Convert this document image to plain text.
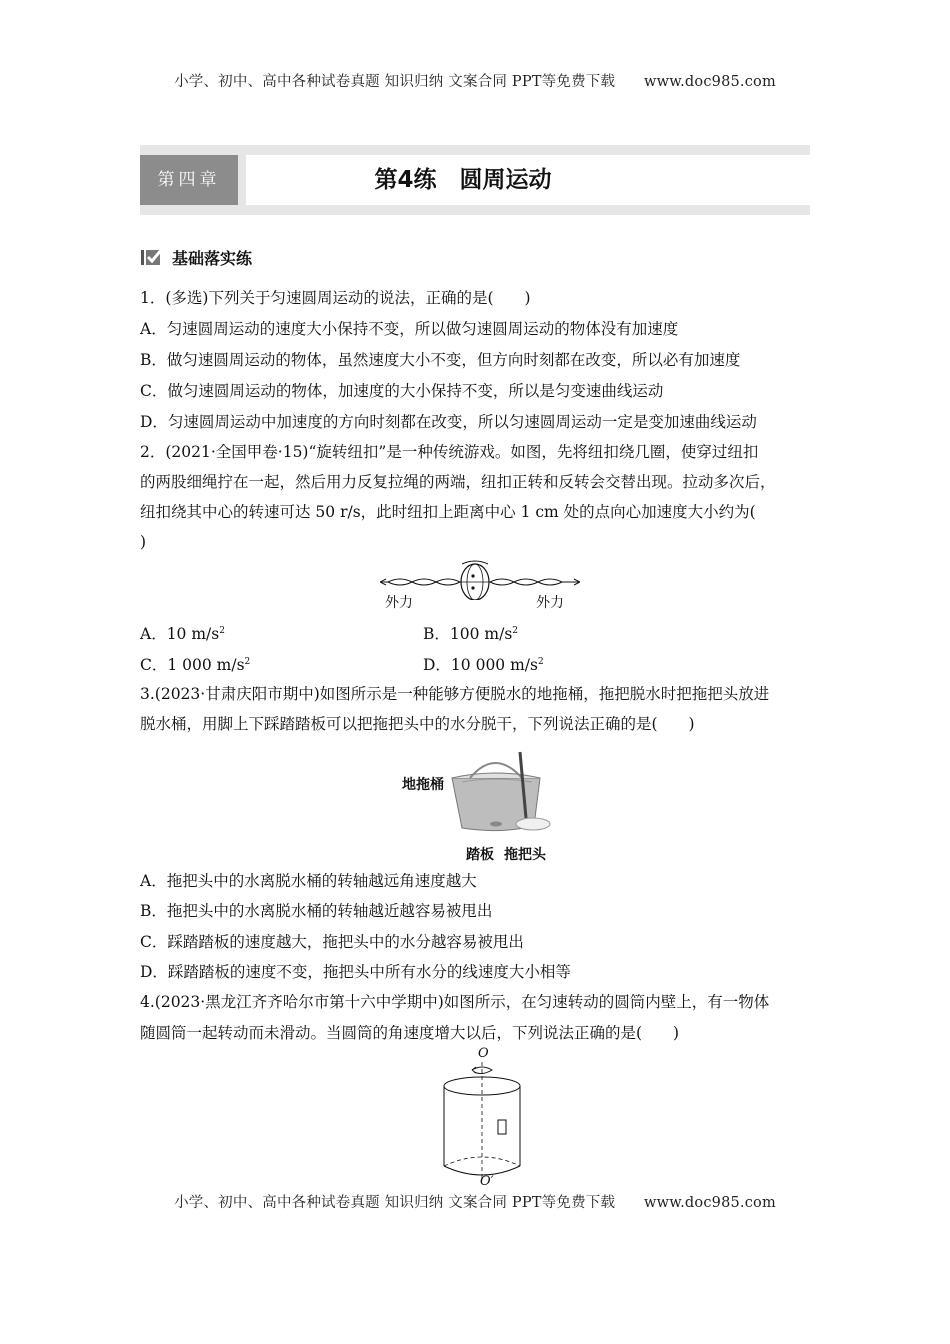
小学、初中、高中各种试卷真题 知识归纳 文案合同 PPT等免费下载 www.doc985.com
第四章	第4练　圆周运动
基础落实练
1．(多选)下列关于匀速圆周运动的说法，正确的是(　　)
A．匀速圆周运动的速度大小保持不变，所以做匀速圆周运动的物体没有加速度
B．做匀速圆周运动的物体，虽然速度大小不变，但方向时刻都在改变，所以必有加速度
C．做匀速圆周运动的物体，加速度的大小保持不变，所以是匀变速曲线运动
D．匀速圆周运动中加速度的方向时刻都在改变，所以匀速圆周运动一定是变加速曲线运动
2．(2021·全国甲卷·15)“旋转纽扣”是一种传统游戏。如图，先将纽扣绕几圈，使穿过纽扣
的两股细绳拧在一起，然后用力反复拉绳的两端，纽扣正转和反转会交替出现。拉动多次后，
纽扣绕其中心的转速可达 50 r/s，此时纽扣上距离中心 1 cm 处的点向心加速度大小约为(
)
外力	外力
A．10 $m/s^2$	B．100 $m/s^2$
C．1 000 $m/s^2$	D．10 000 $m/s^2$
3.(2023·甘肃庆阳市期中)如图所示是一种能够方便脱水的地拖桶，拖把脱水时把拖把头放进
脱水桶，用脚上下踩踏踏板可以把拖把头中的水分脱干，下列说法正确的是(　　)
地拖桶
踏板 拖把头
A．拖把头中的水离脱水桶的转轴越远角速度越大
B．拖把头中的水离脱水桶的转轴越近越容易被甩出
C．踩踏踏板的速度越大，拖把头中的水分越容易被甩出
D．踩踏踏板的速度不变，拖把头中所有水分的线速度大小相等
4.(2023·黑龙江齐齐哈尔市第十六中学期中)如图所示，在匀速转动的圆筒内壁上，有一物体
随圆筒一起转动而未滑动。当圆筒的角速度增大以后，下列说法正确的是(　　)
O
O′
小学、初中、高中各种试卷真题 知识归纳 文案合同 PPT等免费下载 www.doc985.com
